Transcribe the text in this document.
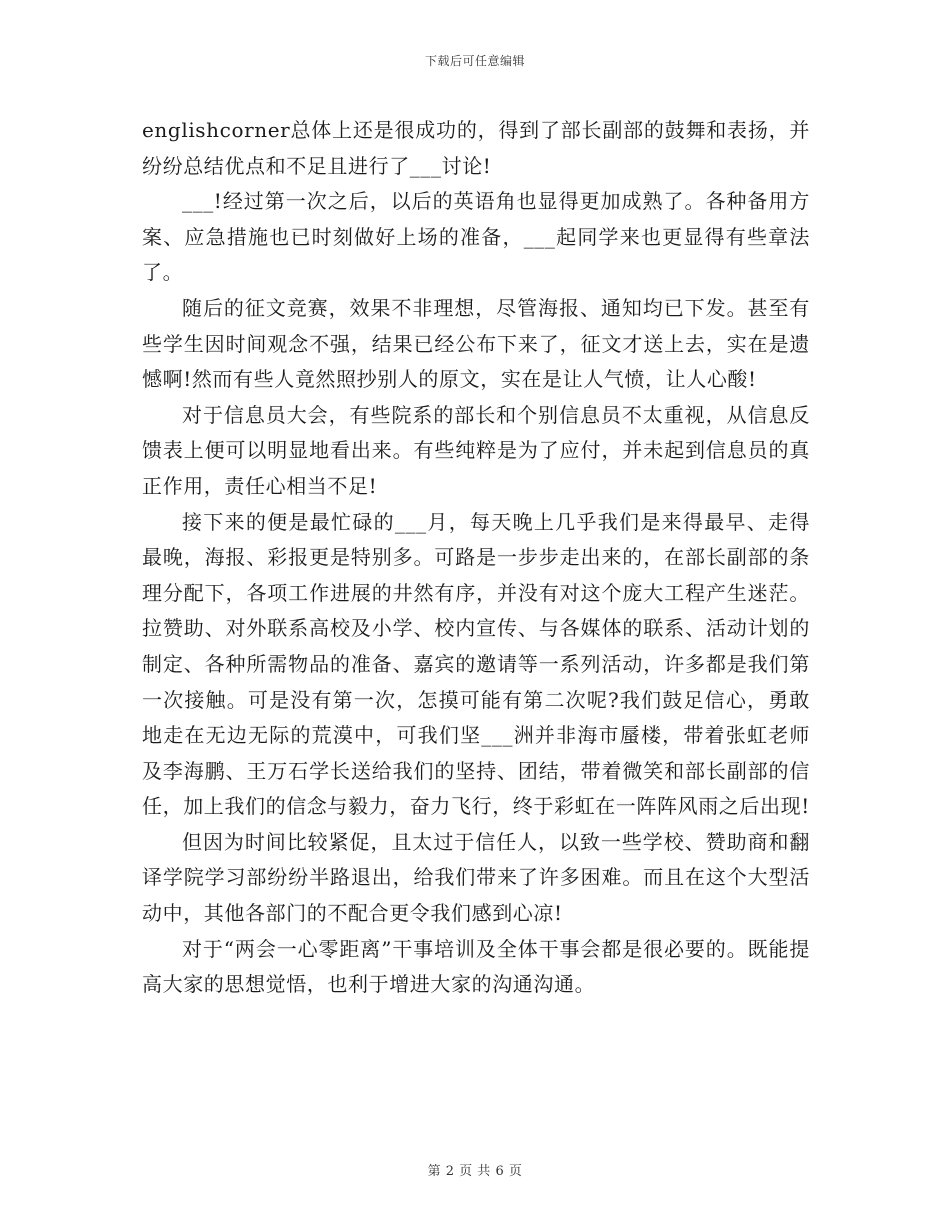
下载后可任意编辑

englishcorner总体上还是很成功的，得到了部长副部的鼓舞和表扬，并纷纷总结优点和不足且进行了___讨论!

___!经过第一次之后，以后的英语角也显得更加成熟了。各种备用方案、应急措施也已时刻做好上场的准备，___起同学来也更显得有些章法了。

随后的征文竞赛，效果不非理想，尽管海报、通知均已下发。甚至有些学生因时间观念不强，结果已经公布下来了，征文才送上去，实在是遗憾啊!然而有些人竟然照抄别人的原文，实在是让人气愤，让人心酸!

对于信息员大会，有些院系的部长和个别信息员不太重视，从信息反馈表上便可以明显地看出来。有些纯粹是为了应付，并未起到信息员的真正作用，责任心相当不足!

接下来的便是最忙碌的___月，每天晚上几乎我们是来得最早、走得最晚，海报、彩报更是特别多。可路是一步步走出来的，在部长副部的条理分配下，各项工作进展的井然有序，并没有对这个庞大工程产生迷茫。拉赞助、对外联系高校及小学、校内宣传、与各媒体的联系、活动计划的制定、各种所需物品的准备、嘉宾的邀请等一系列活动，许多都是我们第一次接触。可是没有第一次，怎摸可能有第二次呢?我们鼓足信心，勇敢地走在无边无际的荒漠中，可我们坚___洲并非海市蜃楼，带着张虹老师及李海鹏、王万石学长送给我们的坚持、团结，带着微笑和部长副部的信任，加上我们的信念与毅力，奋力飞行，终于彩虹在一阵阵风雨之后出现!

但因为时间比较紧促，且太过于信任人，以致一些学校、赞助商和翻译学院学习部纷纷半路退出，给我们带来了许多困难。而且在这个大型活动中，其他各部门的不配合更令我们感到心凉!

对于“两会一心零距离”干事培训及全体干事会都是很必要的。既能提高大家的思想觉悟，也利于增进大家的沟通沟通。

第 2 页 共 6 页
